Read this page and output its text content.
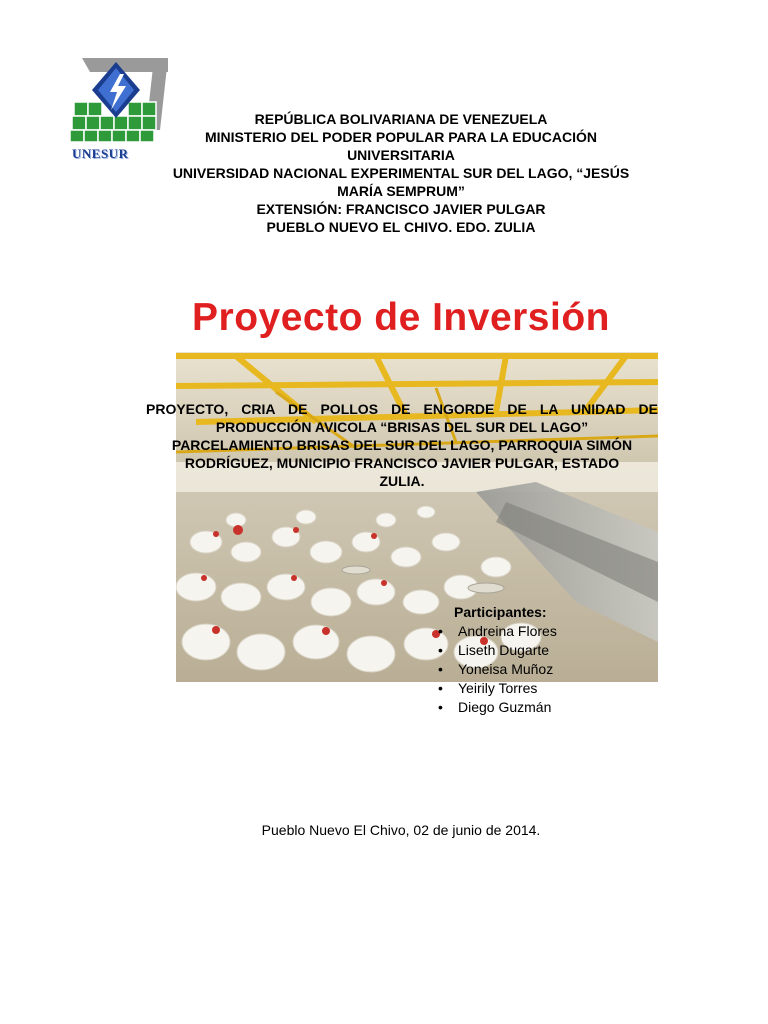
UNESUR
REPÚBLICA BOLIVARIANA DE VENEZUELA
MINISTERIO DEL PODER POPULAR PARA LA EDUCACIÓN
UNIVERSITARIA
UNIVERSIDAD NACIONAL EXPERIMENTAL SUR DEL LAGO, “JESÚS
MARÍA SEMPRUM”
EXTENSIÓN: FRANCISCO JAVIER PULGAR
PUEBLO NUEVO EL CHIVO. EDO. ZULIA
Proyecto de Inversión
PROYECTO, CRIA DE POLLOS DE ENGORDE DE LA UNIDAD DE
PRODUCCIÓN AVICOLA “BRISAS DEL SUR DEL LAGO”
PARCELAMIENTO BRISAS DEL SUR DEL LAGO, PARROQUIA SIMÓN
RODRÍGUEZ, MUNICIPIO FRANCISCO JAVIER PULGAR, ESTADO
ZULIA.
Participantes:
• Andreina Flores
• Liseth Dugarte
• Yoneisa Muñoz
• Yeirily Torres
• Diego Guzmán
Pueblo Nuevo El Chivo, 02 de junio de 2014.
